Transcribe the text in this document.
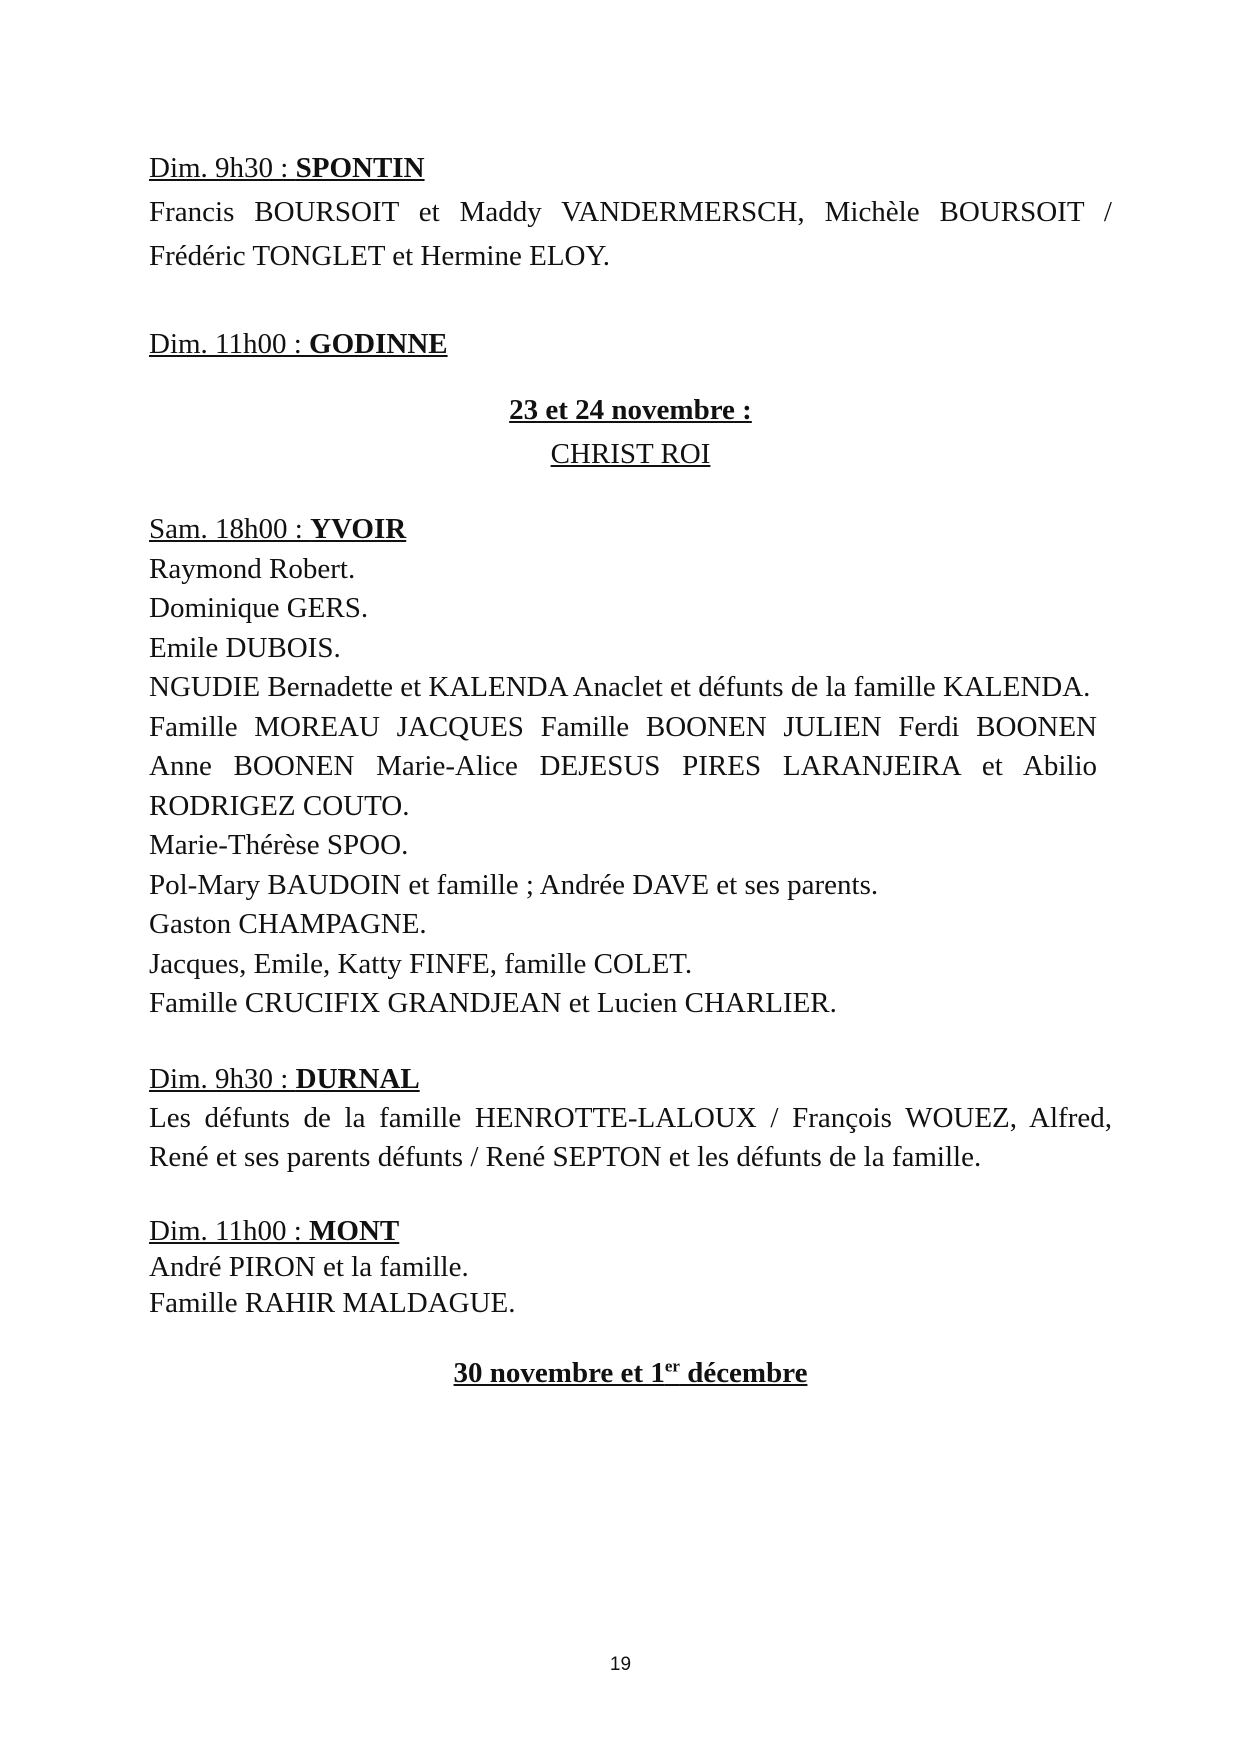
Dim. 9h30 : SPONTIN
Francis BOURSOIT et Maddy VANDERMERSCH, Michèle BOURSOIT / Frédéric TONGLET et Hermine ELOY.
Dim. 11h00 : GODINNE
23 et 24 novembre :
CHRIST ROI
Sam. 18h00 : YVOIR
Raymond Robert.
Dominique GERS.
Emile DUBOIS.
NGUDIE Bernadette et KALENDA Anaclet et défunts de la famille KALENDA.
Famille MOREAU JACQUES Famille BOONEN JULIEN Ferdi BOONEN Anne BOONEN Marie-Alice DEJESUS PIRES LARANJEIRA et Abilio RODRIGEZ COUTO.
Marie-Thérèse SPOO.
Pol-Mary BAUDOIN et famille ; Andrée DAVE et ses parents.
Gaston CHAMPAGNE.
Jacques, Emile, Katty FINFE, famille COLET.
Famille CRUCIFIX GRANDJEAN et Lucien CHARLIER.
Dim. 9h30 : DURNAL
Les défunts de la famille HENROTTE-LALOUX / François WOUEZ, Alfred, René et ses parents défunts / René SEPTON et les défunts de la famille.
Dim. 11h00 : MONT
André PIRON et la famille.
Famille RAHIR MALDAGUE.
30 novembre et 1er décembre
19
